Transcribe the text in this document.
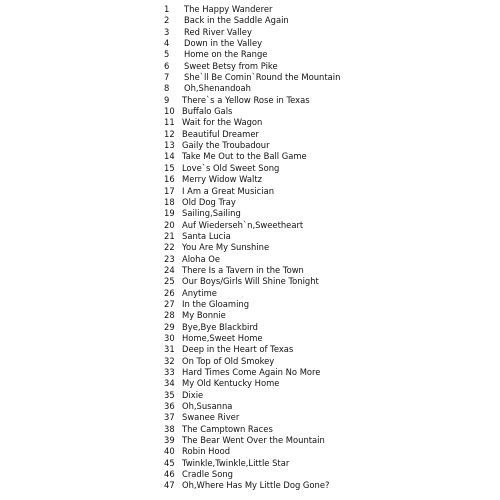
1	The Happy Wanderer
2	Back in the Saddle Again
3	Red River Valley
4	Down in the Valley
5	Home on the Range
6	Sweet Betsy from Pike
7	She`ll Be Comin`Round the Mountain
8	Oh,Shenandoah
9	There`s a Yellow Rose in Texas
10 Buffalo Gals
11 Wait for the Wagon
12 Beautiful Dreamer
13 Gaily the Troubadour
14 Take Me Out to the Ball Game
15 Love`s Old Sweet Song
16 Merry Widow Waltz
17 I Am a Great Musician
18 Old Dog Tray
19 Sailing,Sailing
20 Auf Wiederseh`n,Sweetheart
21 Santa Lucia
22 You Are My Sunshine
23 Aloha Oe
24 There Is a Tavern in the Town
25 Our Boys/Girls Will Shine Tonight
26 Anytime
27 In the Gloaming
28 My Bonnie
29 Bye,Bye Blackbird
30 Home,Sweet Home
31 Deep in the Heart of Texas
32 On Top of Old Smokey
33 Hard Times Come Again No More
34 My Old Kentucky Home
35 Dixie
36 Oh,Susanna
37 Swanee River
38 The Camptown Races
39 The Bear Went Over the Mountain
40 Robin Hood
45 Twinkle,Twinkle,Little Star
46 Cradle Song
47 Oh,Where Has My Little Dog Gone?
